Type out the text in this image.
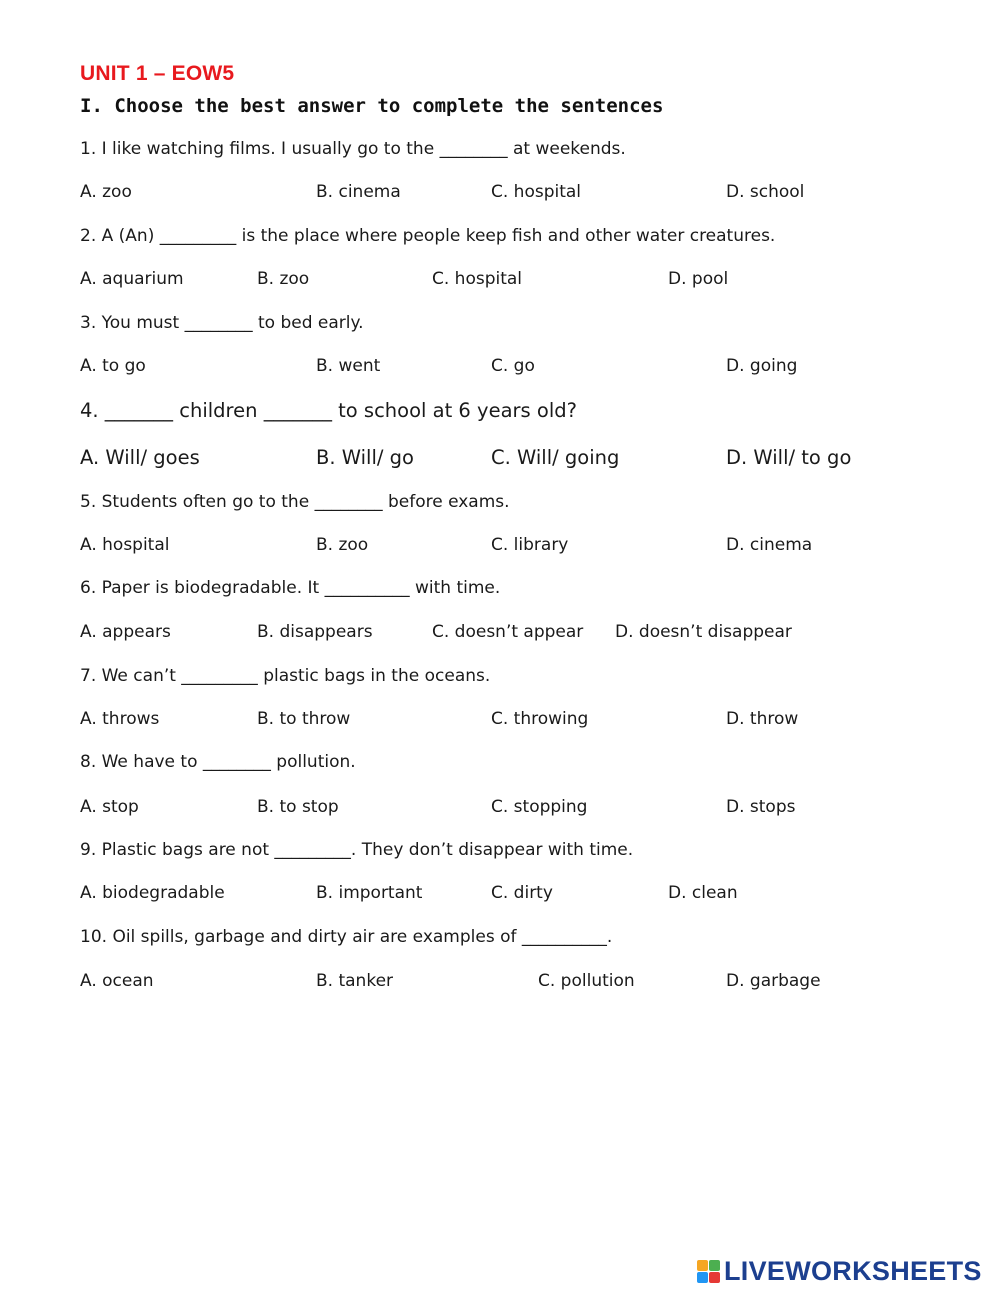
UNIT 1 – EOW5
I. Choose the best answer to complete the sentences
1. I like watching films. I usually go to the ________ at weekends.
A. zoo	B. cinema	C. hospital	D. school
2. A (An) _________ is the place where people keep fish and other water creatures.
A. aquarium	B. zoo	C. hospital	D. pool
3. You must ________ to bed early.
A. to go	B. went	C. go	D. going
4. _______ children _______ to school at 6 years old?
A. Will/ goes	B. Will/ go	C. Will/ going	D. Will/ to go
5. Students often go to the ________ before exams.
A. hospital	B. zoo	C. library	D. cinema
6. Paper is biodegradable. It __________ with time.
A. appears	B. disappears	C. doesn’t appear D. doesn’t disappear
7. We can’t _________ plastic bags in the oceans.
A. throws	B. to throw	C. throwing	D. throw
8. We have to ________ pollution.
A. stop	B. to stop	C. stopping	D. stops
9. Plastic bags are not _________. They don’t disappear with time.
A. biodegradable	B. important	C. dirty	D. clean
10. Oil spills, garbage and dirty air are examples of __________.
A. ocean	B. tanker	C. pollution	D. garbage
LIVEWORKSHEETS
